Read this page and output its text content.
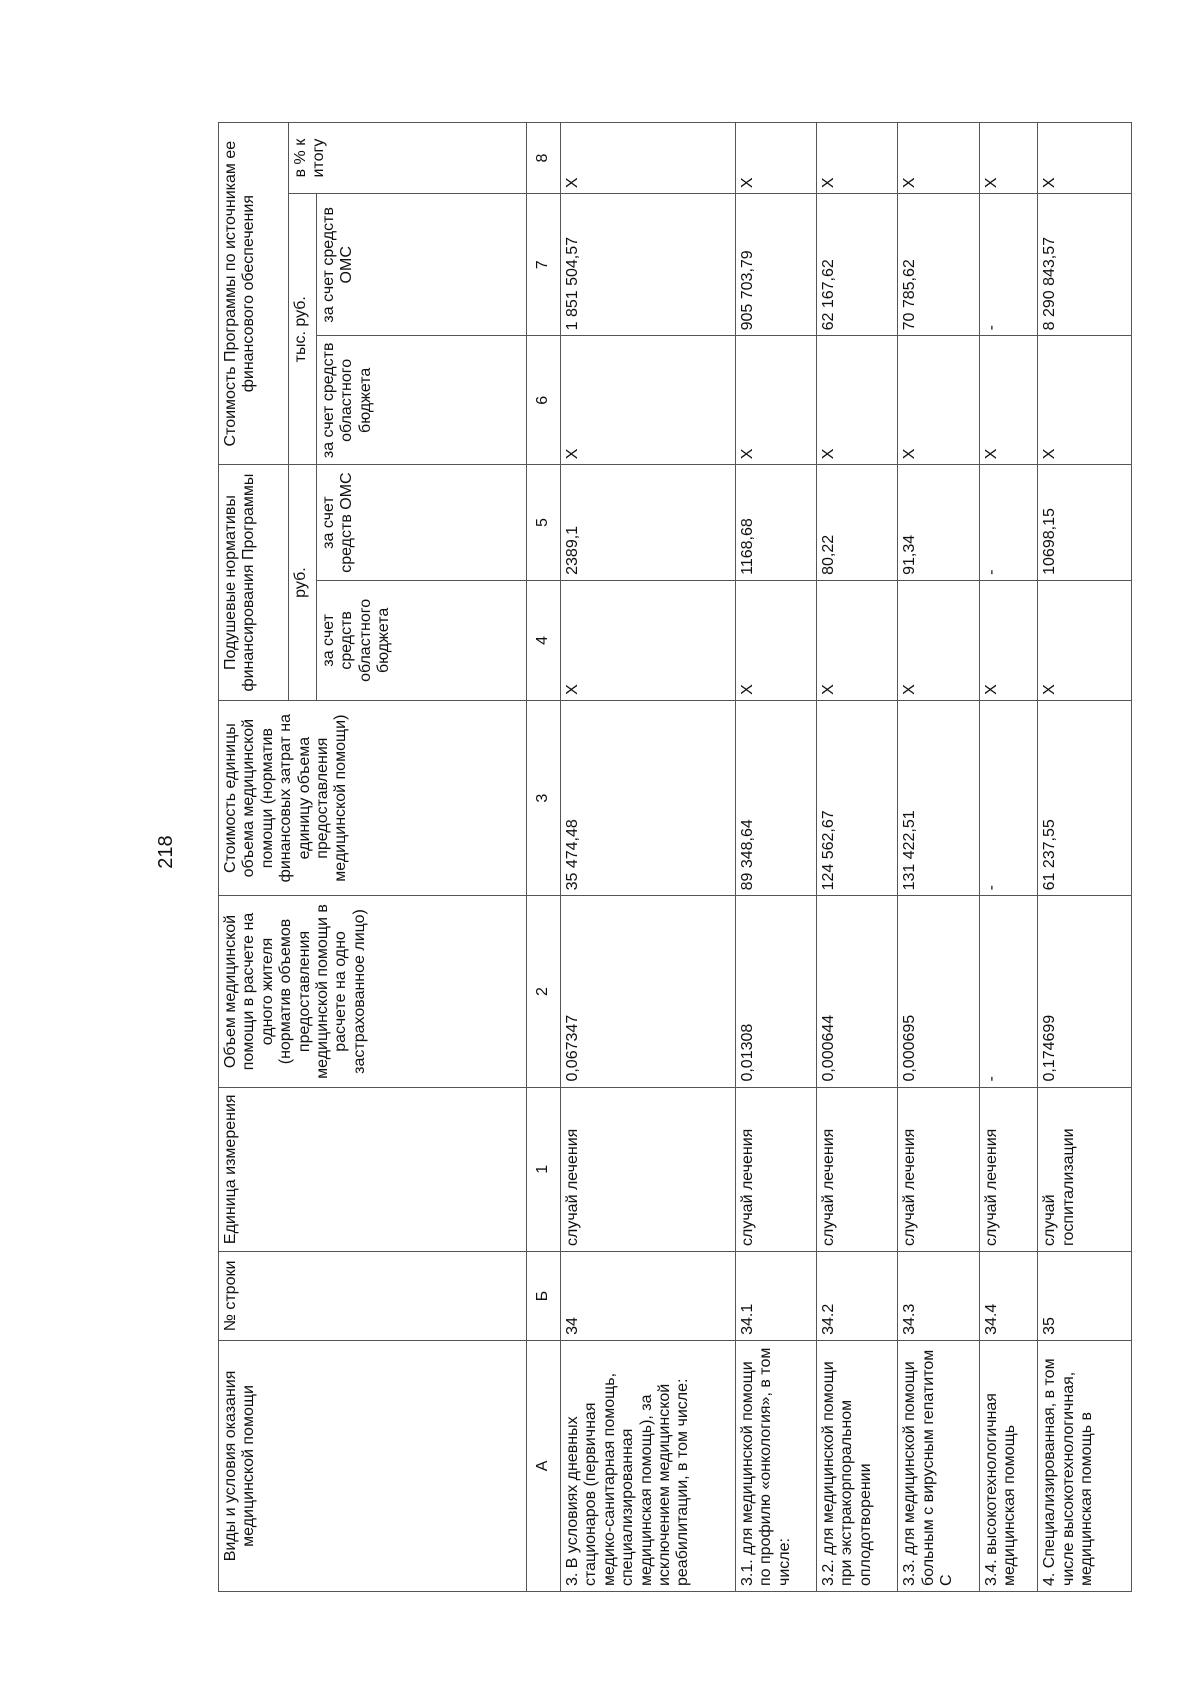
218
Виды и условия оказания медицинской помощи	№ строки	Единица измерения	Объем медицинской помощи в расчете на одного жителя (норматив объемов предоставления медицинской помощи в расчете на одно застрахованное лицо)	Стоимость единицы объема медицинской помощи (норматив финансовых затрат на единицу объема предоставления медицинской помощи)	Подушевые нормативы финансирования Программы		Стоимость Программы по источникам ее финансового обеспечения		
					руб.		тыс. руб.		в % к итогу
					за счет средств областного бюджета	за счет средств ОМС	за счет средств областного бюджета	за счет средств ОМС	
А	Б	1	2	3	4	5	6	7	8
3. В условиях дневных стационаров (первичная медико-санитарная помощь, специализированная медицинская помощь), за исключением медицинской реабилитации, в том числе:	34	случай лечения	0,067347	35 474,48	X	2389,1	X	1 851 504,57	X
3.1. для медицинской помощи по профилю «онкология», в том числе:	34.1	случай лечения	0,01308	89 348,64	X	1168,68	X	905 703,79	X
3.2. для медицинской помощи при экстракорпоральном оплодотворении	34.2	случай лечения	0,000644	124 562,67	X	80,22	X	62 167,62	X
3.3. для медицинской помощи больным с вирусным гепатитом С	34.3	случай лечения	0,000695	131 422,51	X	91,34	X	70 785,62	X
3.4. высокотехнологичная медицинская помощь	34.4	случай лечения	-	-	X	-	X	-	X
4. Специализированная, в том числе высокотехнологичная, медицинская помощь в	35	случай госпитализации	0,174699	61 237,55	X	10698,15	X	8 290 843,57	X
